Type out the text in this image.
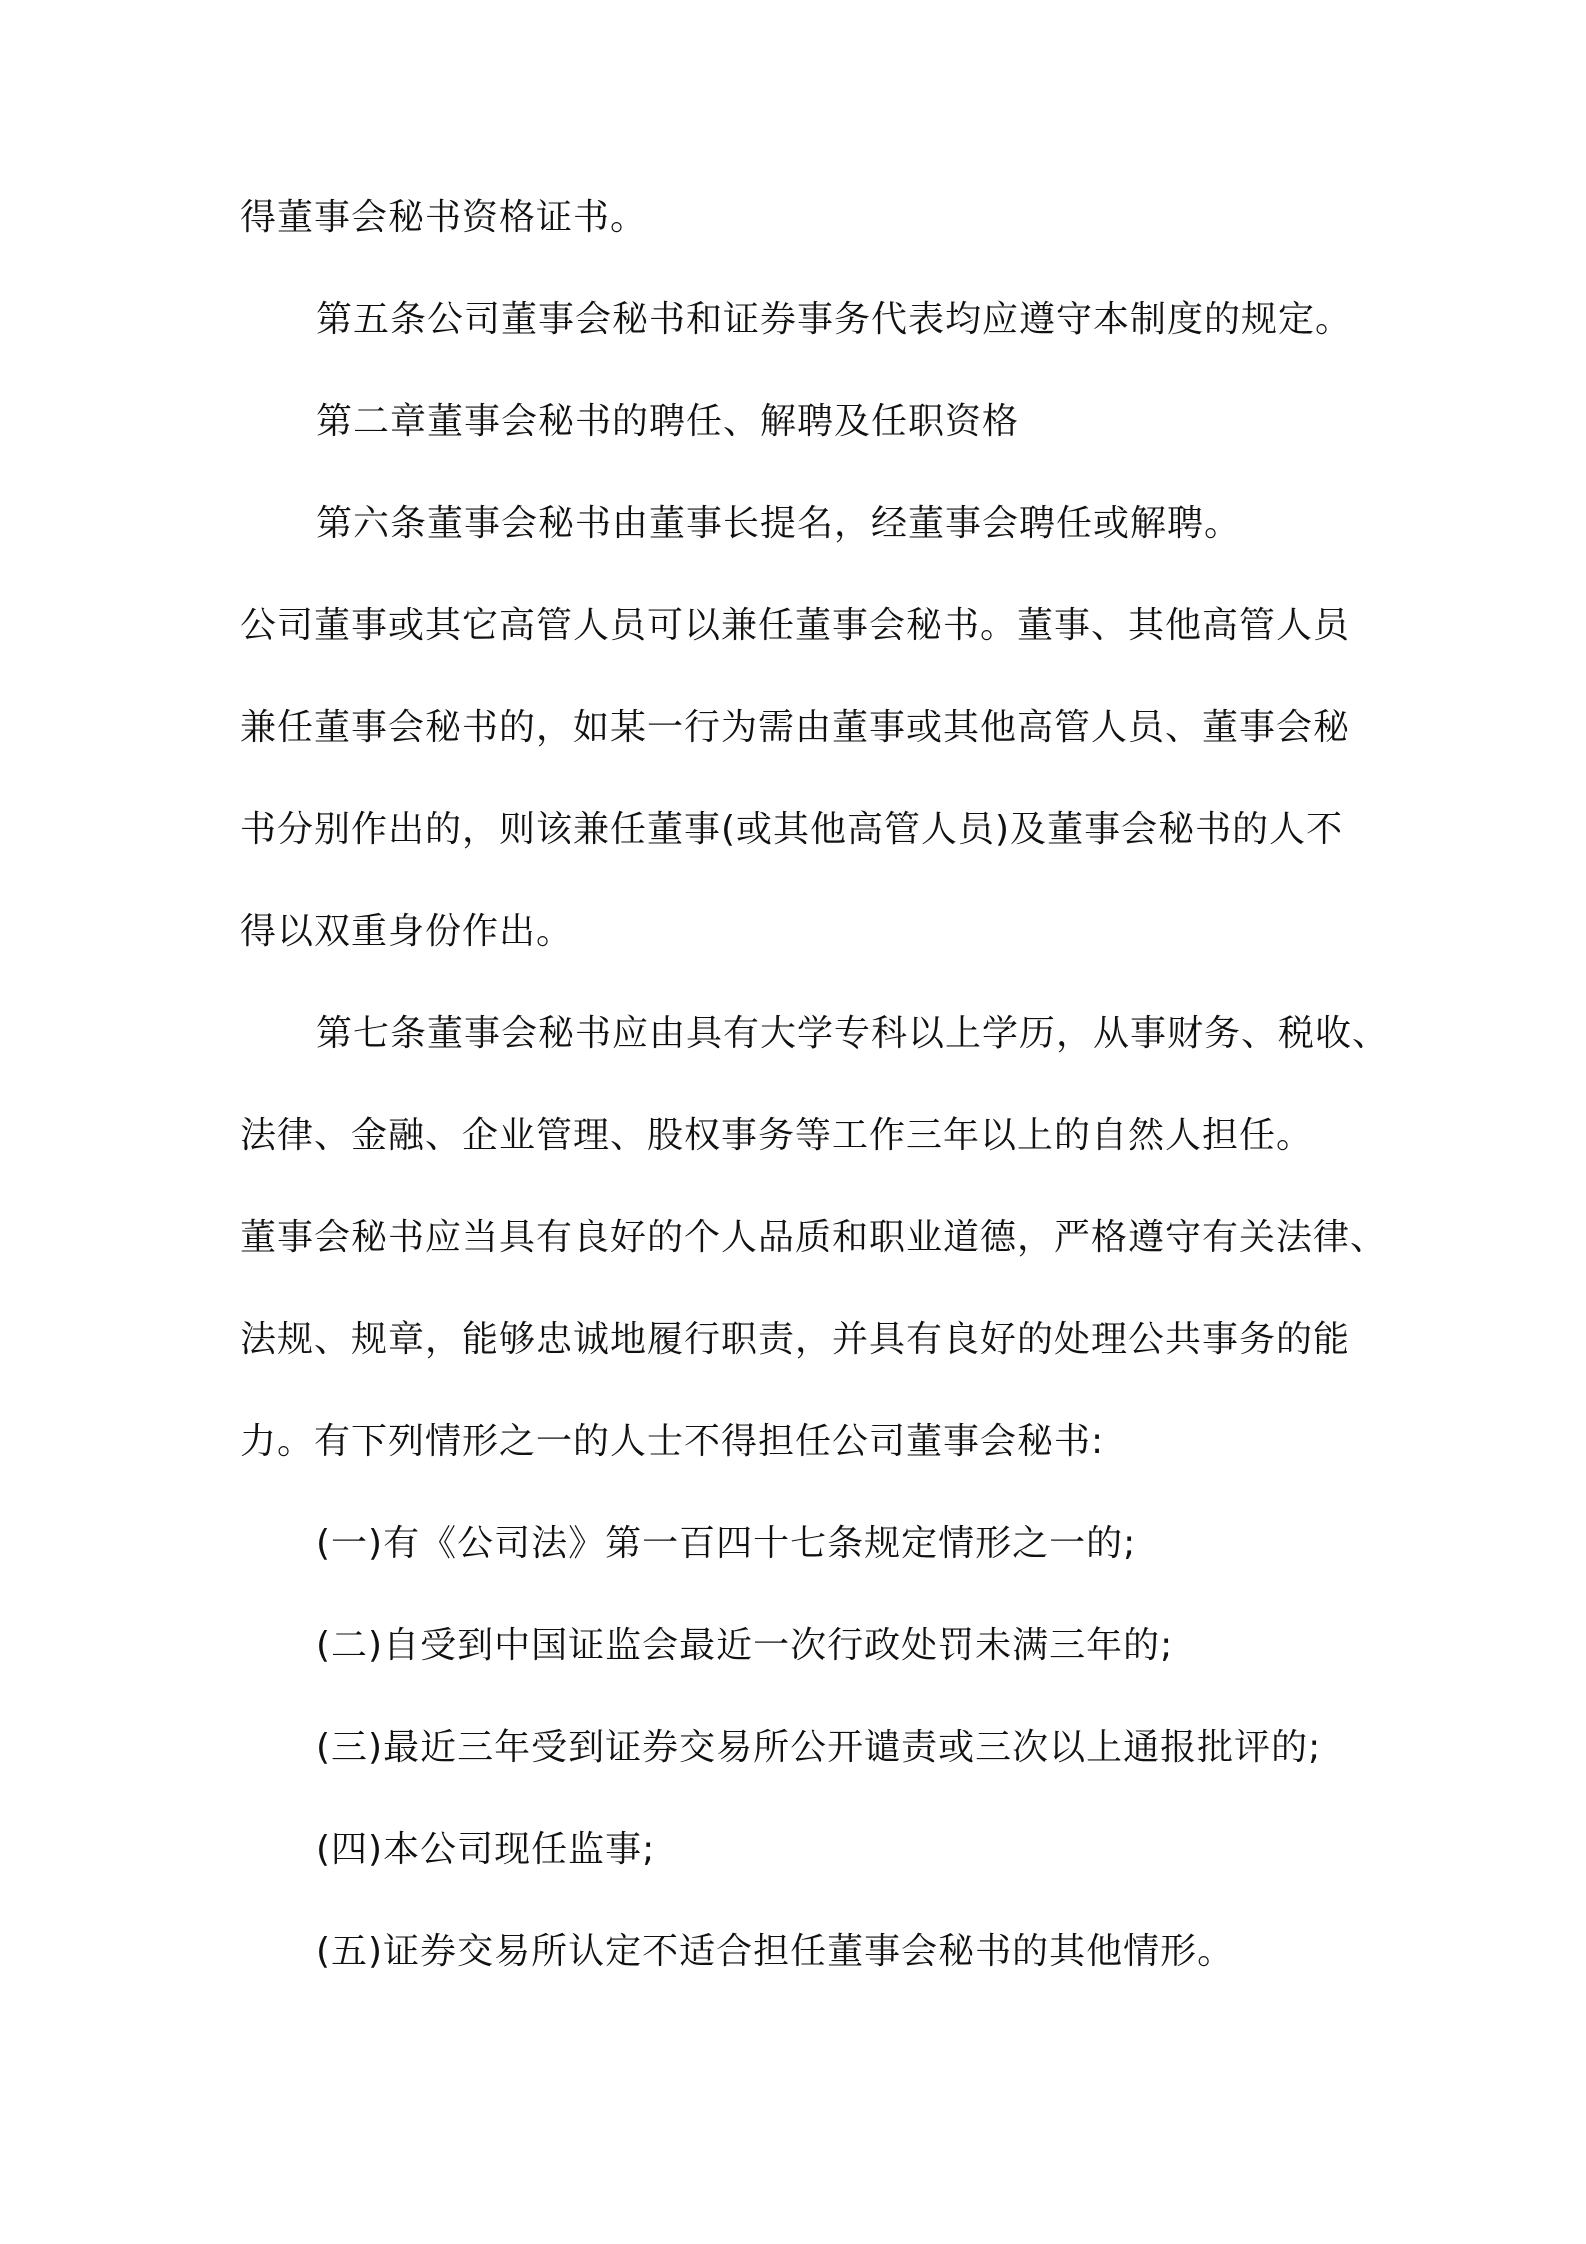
得董事会秘书资格证书。
第五条公司董事会秘书和证券事务代表均应遵守本制度的规定。
第二章董事会秘书的聘任、解聘及任职资格
第六条董事会秘书由董事长提名，经董事会聘任或解聘。
公司董事或其它高管人员可以兼任董事会秘书。董事、其他高管人员
兼任董事会秘书的，如某一行为需由董事或其他高管人员、董事会秘
书分别作出的，则该兼任董事(或其他高管人员)及董事会秘书的人不
得以双重身份作出。
第七条董事会秘书应由具有大学专科以上学历，从事财务、税收、
法律、金融、企业管理、股权事务等工作三年以上的自然人担任。
董事会秘书应当具有良好的个人品质和职业道德，严格遵守有关法律、
法规、规章，能够忠诚地履行职责，并具有良好的处理公共事务的能
力。有下列情形之一的人士不得担任公司董事会秘书:
(一)有《公司法》第一百四十七条规定情形之一的;
(二)自受到中国证监会最近一次行政处罚未满三年的;
(三)最近三年受到证券交易所公开谴责或三次以上通报批评的;
(四)本公司现任监事;
(五)证券交易所认定不适合担任董事会秘书的其他情形。
